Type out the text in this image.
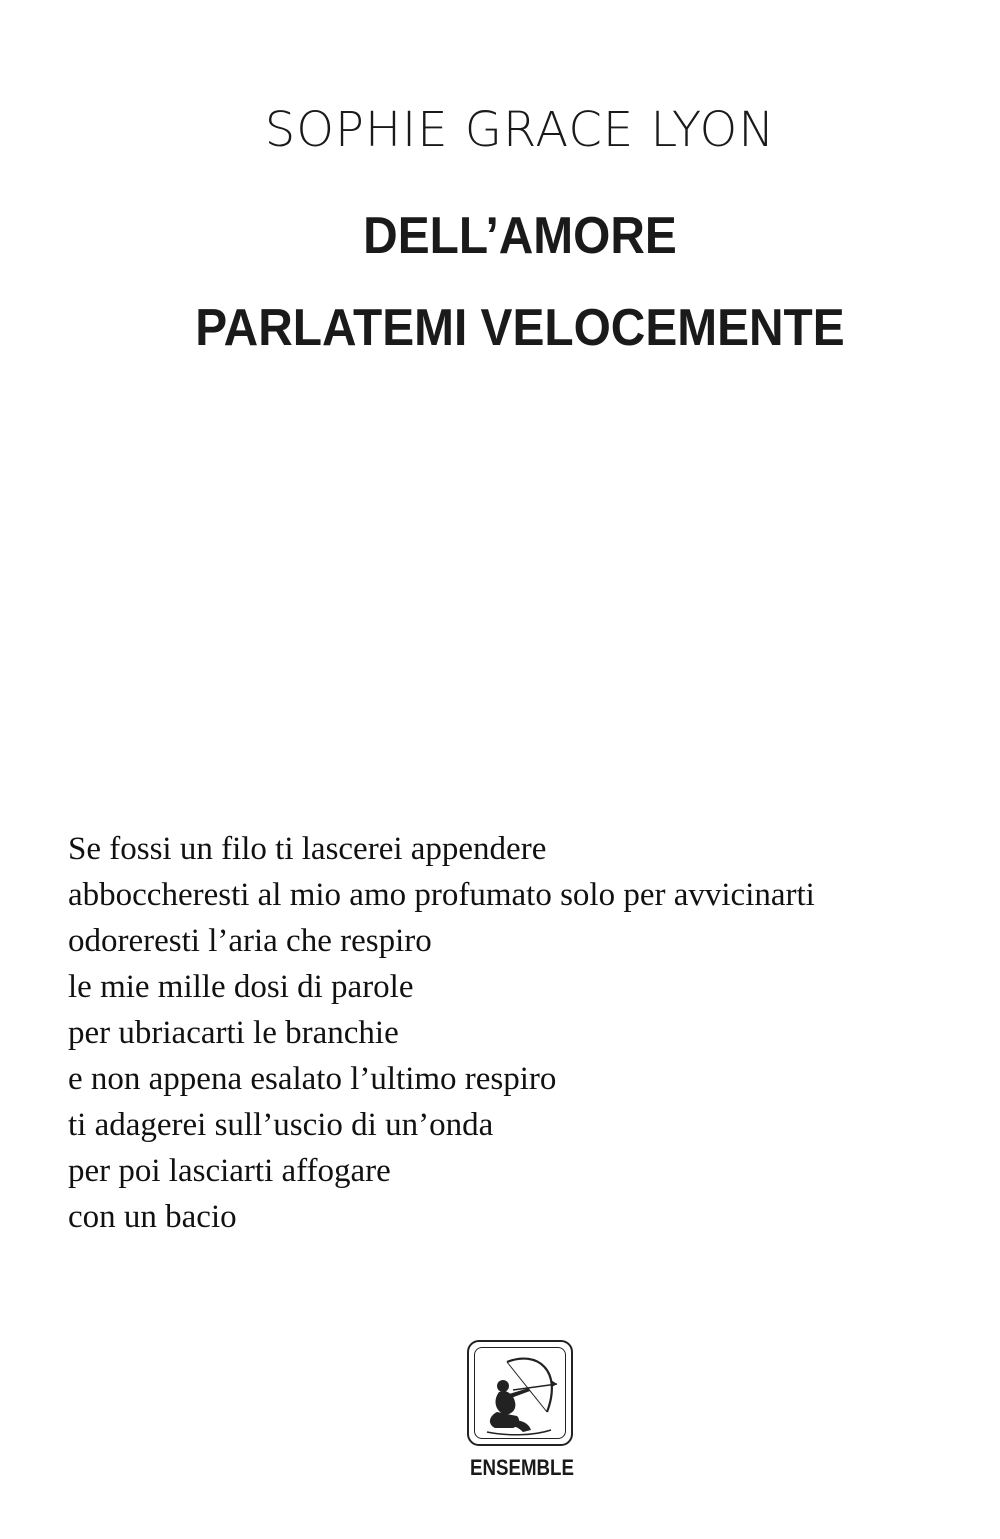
SOPHIE GRACE LYON
DELL’AMORE
PARLATEMI VELOCEMENTE
Se fossi un filo ti lascerei appendere
abboccheresti al mio amo profumato solo per avvicinarti
odoreresti l’aria che respiro
le mie mille dosi di parole
per ubriacarti le branchie
e non appena esalato l’ultimo respiro
ti adagerei sull’uscio di un’onda
per poi lasciarti affogare
con un bacio
ENSEMBLE
